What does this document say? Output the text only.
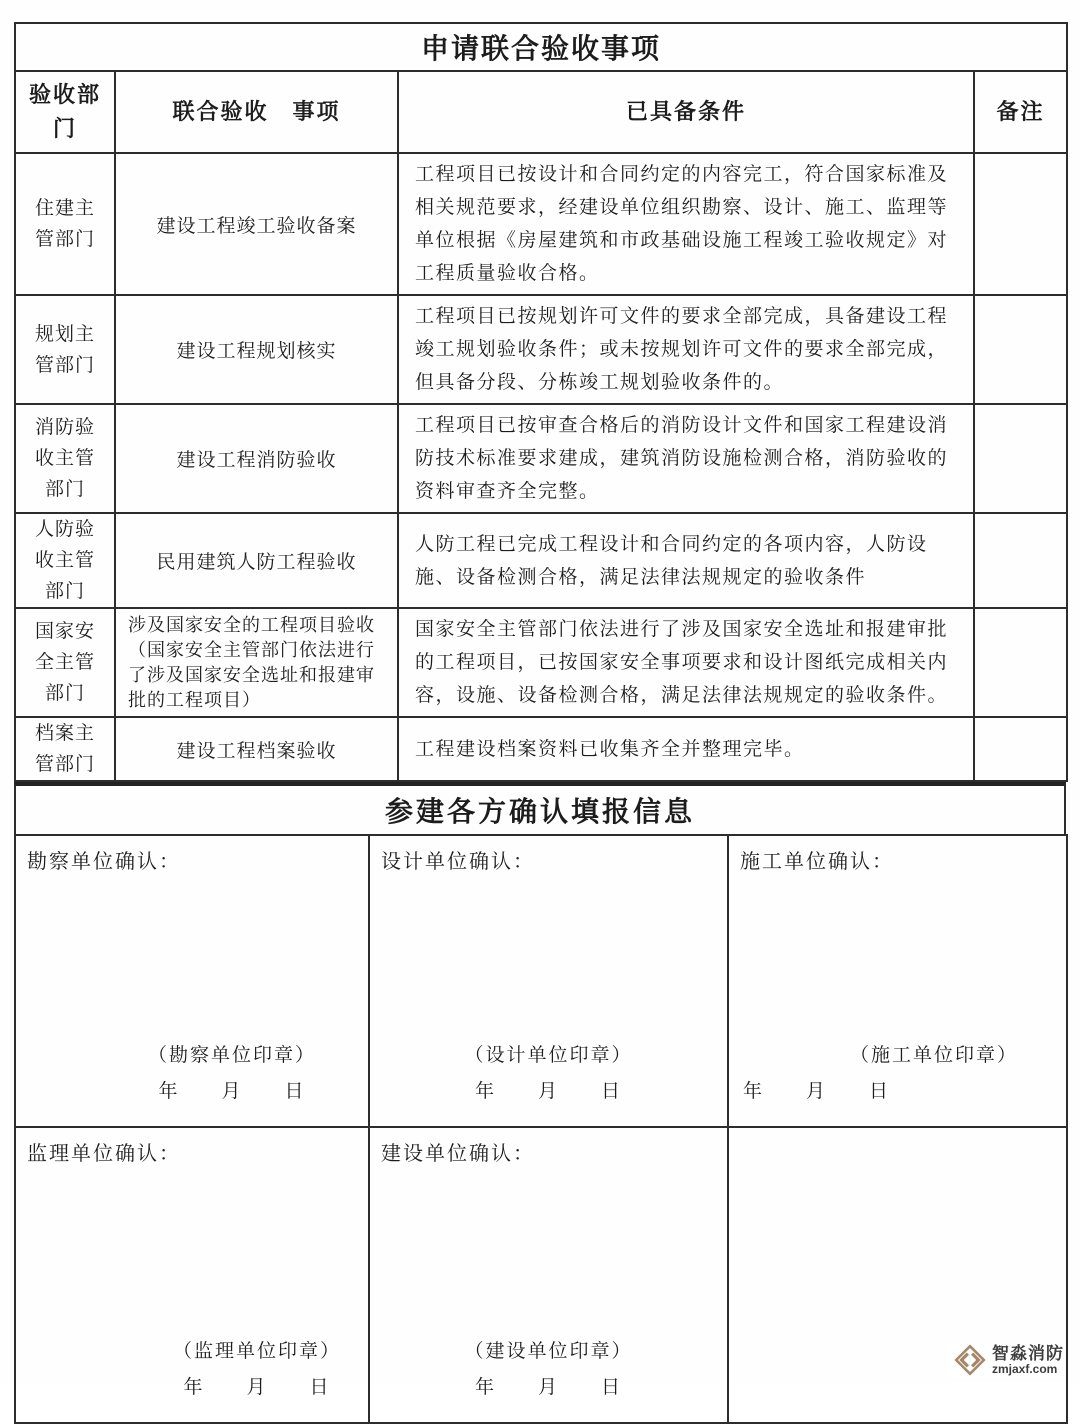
申请联合验收事项			
验收部门	联合验收　事项	已具备条件	备注
住建主管部门	建设工程竣工验收备案	工程项目已按设计和合同约定的内容完工，符合国家标准及相关规范要求，经建设单位组织勘察、设计、施工、监理等单位根据《房屋建筑和市政基础设施工程竣工验收规定》对工程质量验收合格。	
规划主管部门	建设工程规划核实	工程项目已按规划许可文件的要求全部完成，具备建设工程竣工规划验收条件；或未按规划许可文件的要求全部完成，但具备分段、分栋竣工规划验收条件的。	
消防验收主管部门	建设工程消防验收	工程项目已按审查合格后的消防设计文件和国家工程建设消防技术标准要求建成，建筑消防设施检测合格，消防验收的资料审查齐全完整。	
人防验收主管部门	民用建筑人防工程验收	人防工程已完成工程设计和合同约定的各项内容，人防设施、设备检测合格，满足法律法规规定的验收条件	
国家安全主管部门	涉及国家安全的工程项目验收（国家安全主管部门依法进行了涉及国家安全选址和报建审批的工程项目）	国家安全主管部门依法进行了涉及国家安全选址和报建审批的工程项目，已按国家安全事项要求和设计图纸完成相关内容，设施、设备检测合格，满足法律法规规定的验收条件。	
档案主管部门	建设工程档案验收	工程建设档案资料已收集齐全并整理完毕。	
参建各方确认填报信息
勘察单位确认：
（勘察单位印章）
年　　月　　日

设计单位确认：
（设计单位印章）
年　　月　　日

施工单位确认：
（施工单位印章）
年　　月　　日

监理单位确认：
（监理单位印章）
年　　月　　日

建设单位确认：
（建设单位印章）
年　　月　　日

智淼消防
zmjaxf.com
